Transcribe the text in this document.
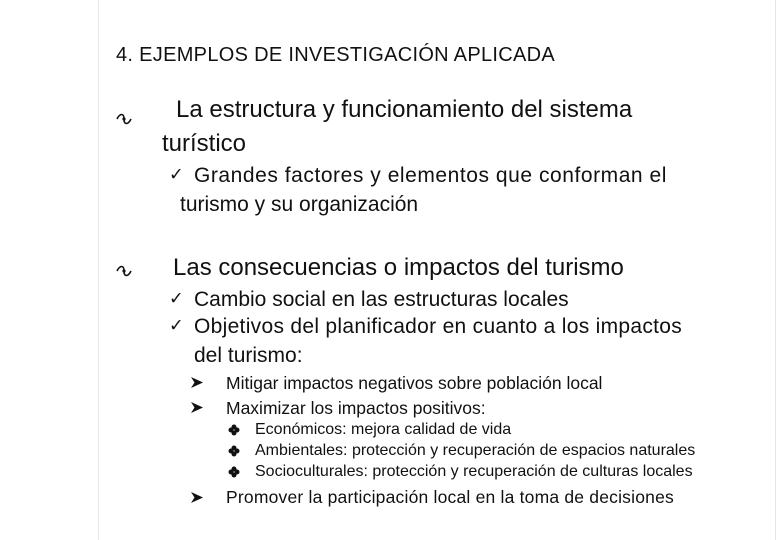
4. EJEMPLOS DE INVESTIGACIÓN APLICADA
La estructura y funcionamiento del sistema
turístico
✓ Grandes factores y elementos que conforman el
turismo y su organización
Las consecuencias o impactos del turismo
✓ Cambio social en las estructuras locales
✓ Objetivos del planificador en cuanto a los impactos
del turismo:
Mitigar impactos negativos sobre población local
Maximizar los impactos positivos:
Económicos: mejora calidad de vida
Ambientales: protección y recuperación de espacios naturales
Socioculturales: protección y recuperación de culturas locales
Promover la participación local en la toma de decisiones
